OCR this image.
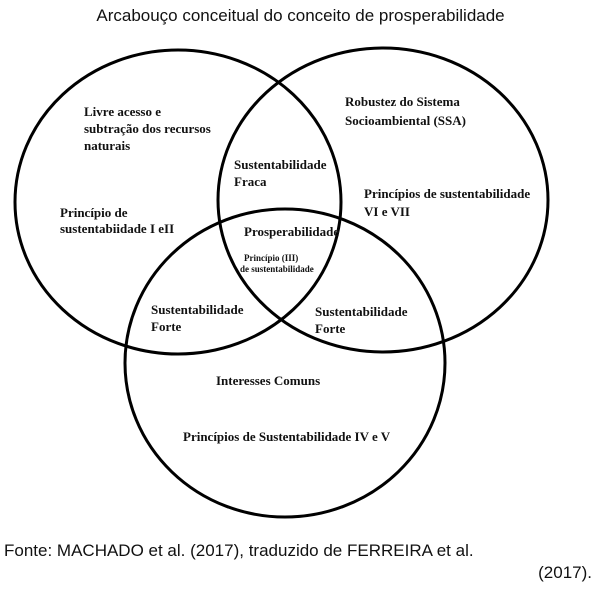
Arcabouço conceitual do conceito de prosperabilidade
Livre acesso e subtração dos recursos naturais
Princípio de sustentabiidade I eII
Robustez do Sistema Socioambiental (SSA)
Princípios de sustentabilidade VI e VII
Sustentabilidade Fraca
Prosperabilidade
Princípio (III) de sustentabilidade
Sustentabilidade Forte
Sustentabilidade Forte
Interesses Comuns
Princípios de Sustentabilidade IV e V
Fonte: MACHADO et al. (2017), traduzido de FERREIRA et al.
(2017).
